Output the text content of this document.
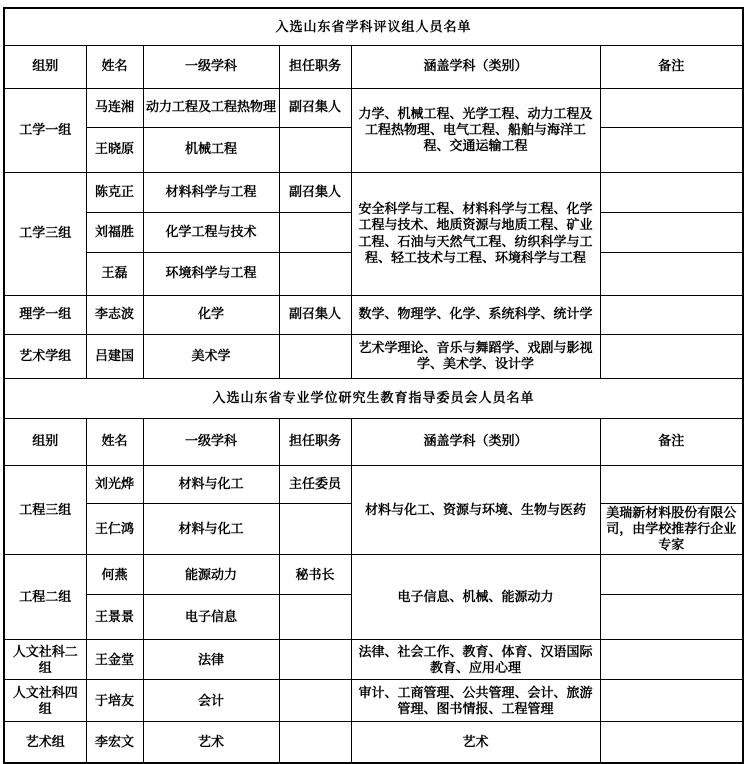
入选山东省学科评议组人员名单					
组别	姓名	一级学科	担任职务	涵盖学科（类别）	备注
工学一组	马连湘	动力工程及工程热物理	副召集人	力学、机械工程、光学工程、动力工程及工程热物理、电气工程、船舶与海洋工程、交通运输工程	
	王晓原	机械工程			
工学三组	陈克正	材料科学与工程	副召集人	安全科学与工程、材料科学与工程、化学工程与技术、地质资源与地质工程、矿业工程、石油与天然气工程、纺织科学与工程、轻工技术与工程、环境科学与工程	
	刘福胜	化学工程与技术			
	王磊	环境科学与工程			
理学一组	李志波	化学	副召集人	数学、物理学、化学、系统科学、统计学	
艺术学组	吕建国	美术学		艺术学理论、音乐与舞蹈学、戏剧与影视学、美术学、设计学	
入选山东省专业学位研究生教育指导委员会人员名单					
组别	姓名	一级学科	担任职务	涵盖学科（类别）	备注
工程三组	刘光烨	材料与化工	主任委员	材料与化工、资源与环境、生物与医药	
	王仁鸿	材料与化工			美瑞新材料股份有限公司，由学校推荐行企业专家
工程二组	何燕	能源动力	秘书长	电子信息、机械、能源动力	
	王景景	电子信息			
人文社科二组	王金堂	法律		法律、社会工作、教育、体育、汉语国际教育、应用心理	
人文社科四组	于培友	会计		审计、工商管理、公共管理、会计、旅游管理、图书情报、工程管理	
艺术组	李宏文	艺术		艺术	
